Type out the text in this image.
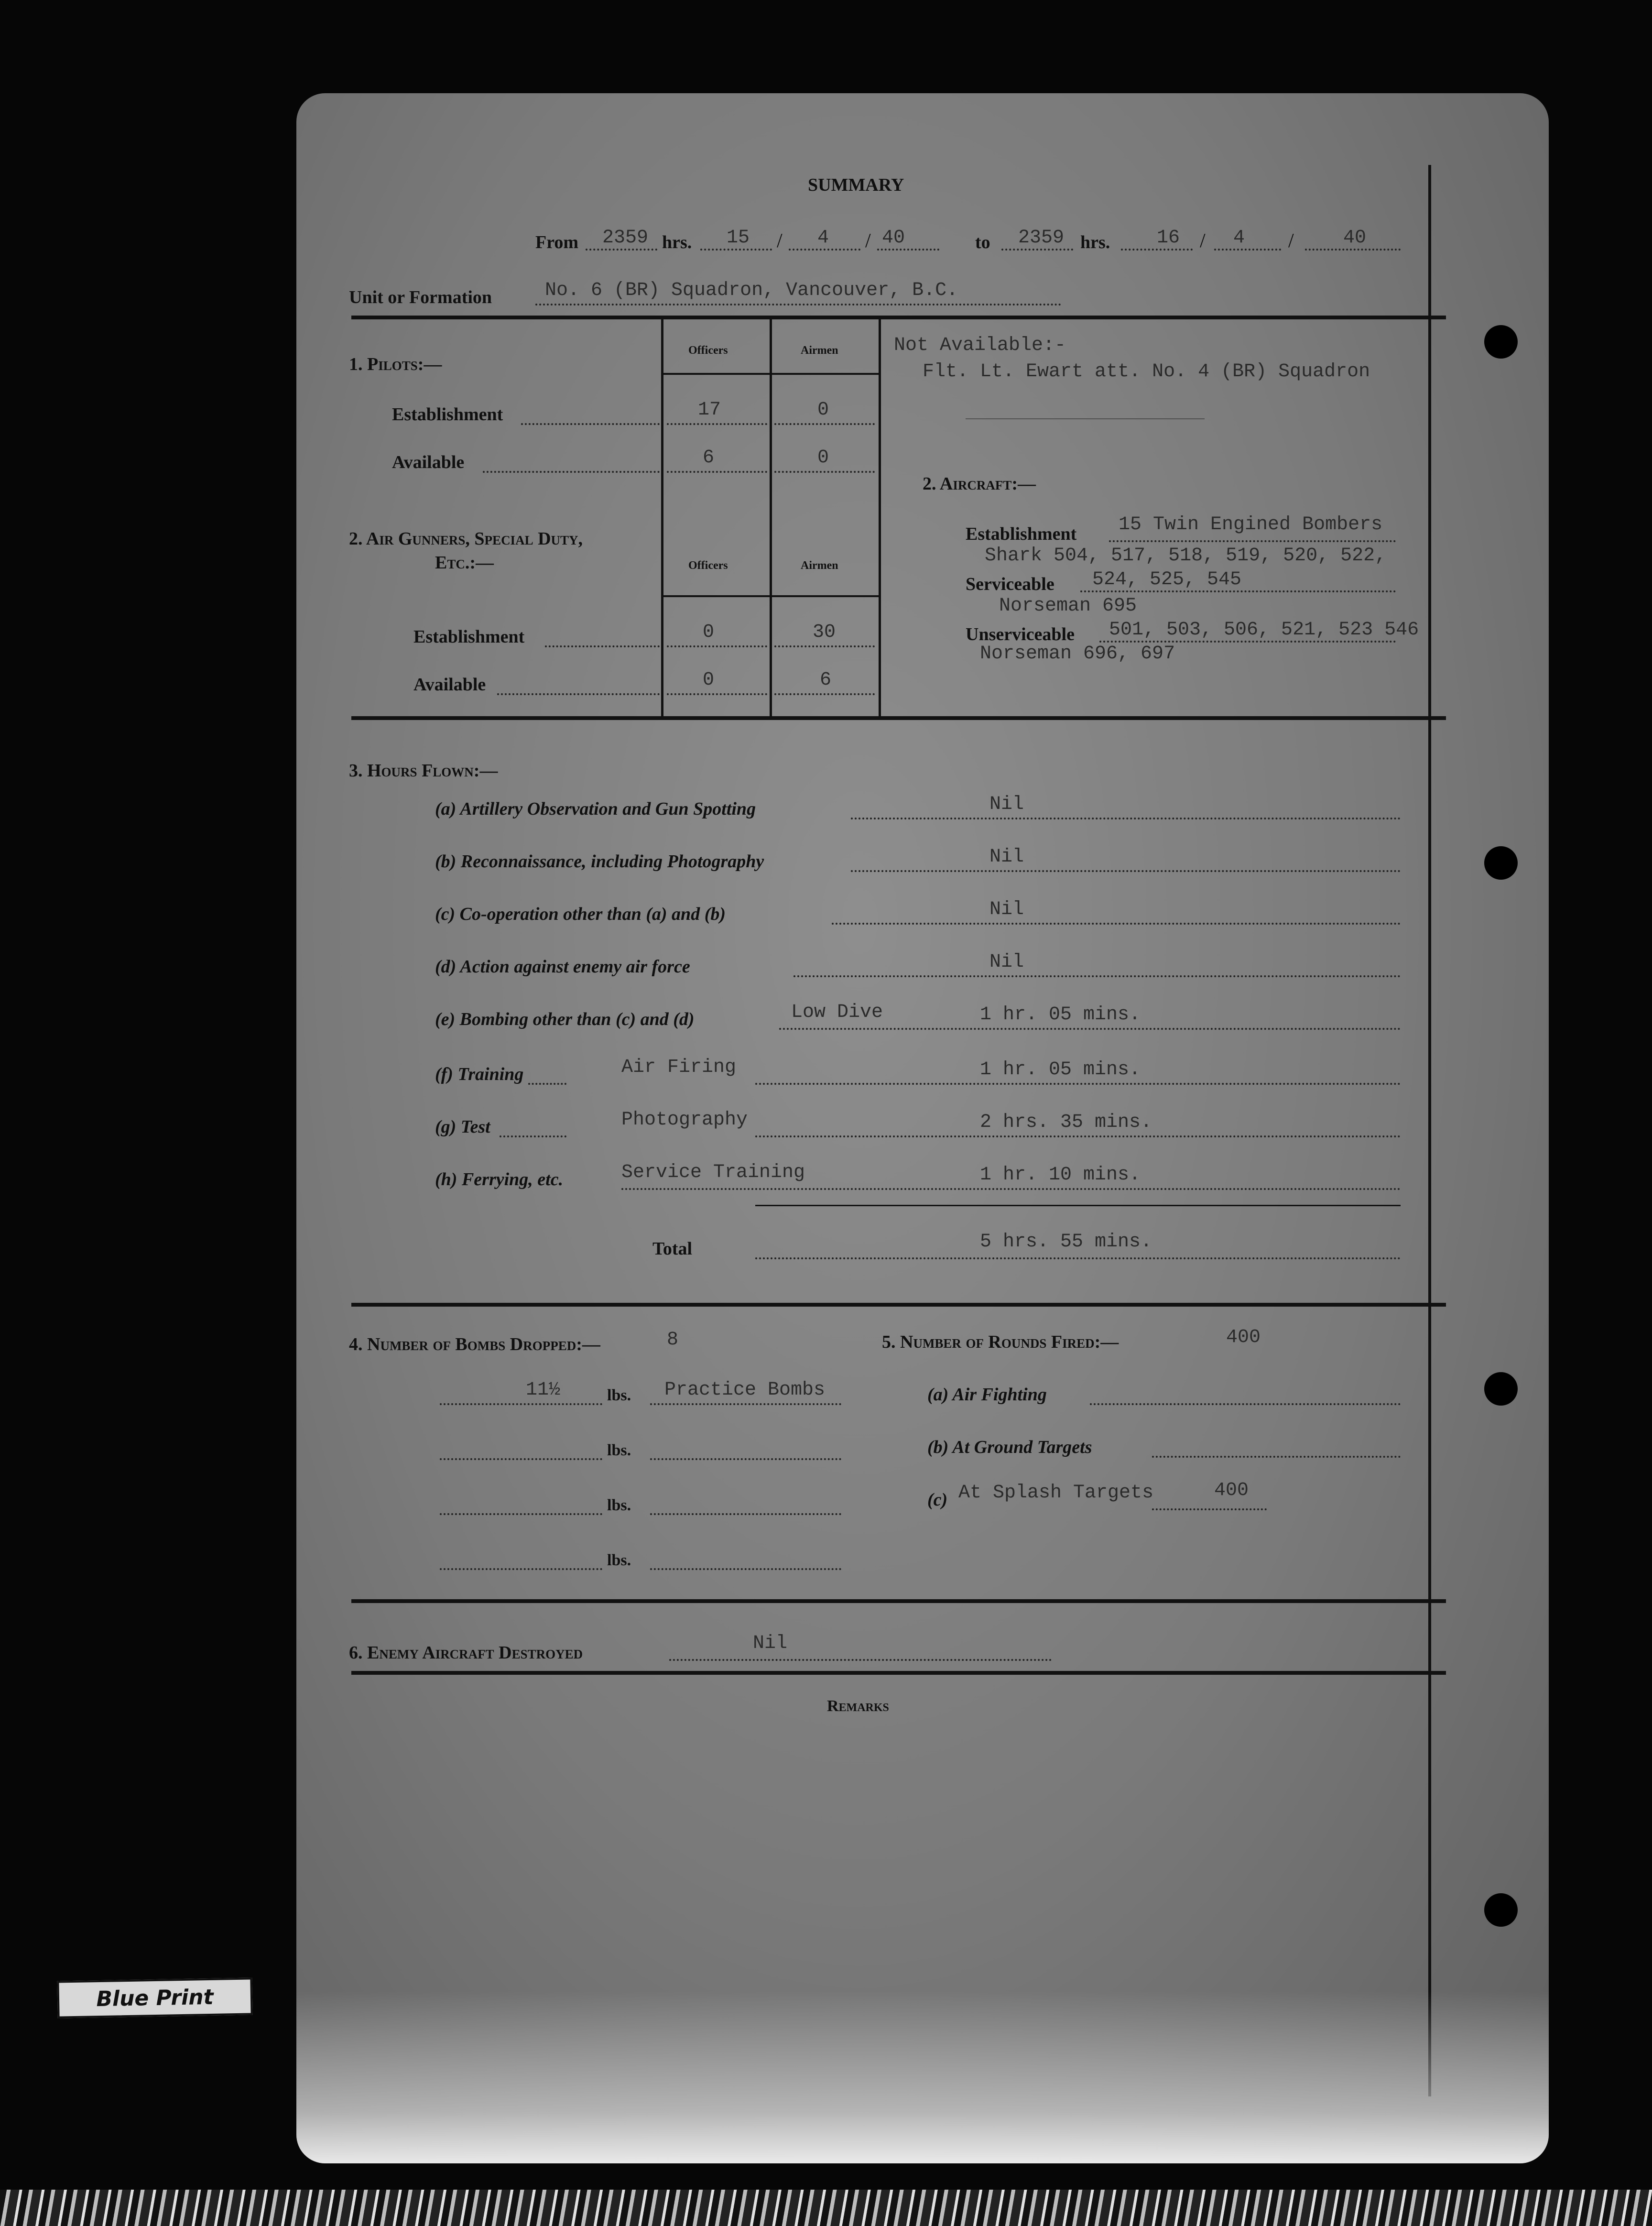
SUMMARY
From 2359 hrs. 15 / 4 / 40	to 2359 hrs. 16 / 4 /	40
Unit or Formation	No. 6 (BR) Squadron, Vancouver, B.C.
Officers	Airmen
1. Pilots:—
Establishment	17	0
Available	6	0
2. Air Gunners, Special Duty,
Etc.:—	Officers	Airmen
Establishment	0	30
Available	0	6
Not Available:-
Flt. Lt. Ewart att. No. 4 (BR) Squadron
2. Aircraft:—
Establishment 15 Twin Engined Bombers
Shark 504, 517, 518, 519, 520, 522,
Serviceable 524, 525, 545
Norseman 695
Unserviceable 501, 503, 506, 521, 523 546
Norseman 696, 697
3. Hours Flown:—
(a) Artillery Observation and Gun Spotting	Nil
(b) Reconnaissance, including Photography	Nil
(c) Co-operation other than (a) and (b)	Nil
(d) Action against enemy air force	Nil
(e) Bombing other than (c) and (d)	Low Dive	1 hr. 05 mins.
(f) Training	Air Firing	1 hr. 05 mins.
(g) Test	Photography	2 hrs. 35 mins.
(h) Ferrying, etc.	Service Training	1 hr. 10 mins.
Total	5 hrs. 55 mins.
4. Number of Bombs Dropped:—	8
11½	lbs. Practice Bombs
lbs.
lbs.
lbs.
5. Number of Rounds Fired:—	400
(a) Air Fighting
(b) At Ground Targets
(c) At Splash Targets	400
6. Enemy Aircraft Destroyed	Nil
Remarks
Blue Print
